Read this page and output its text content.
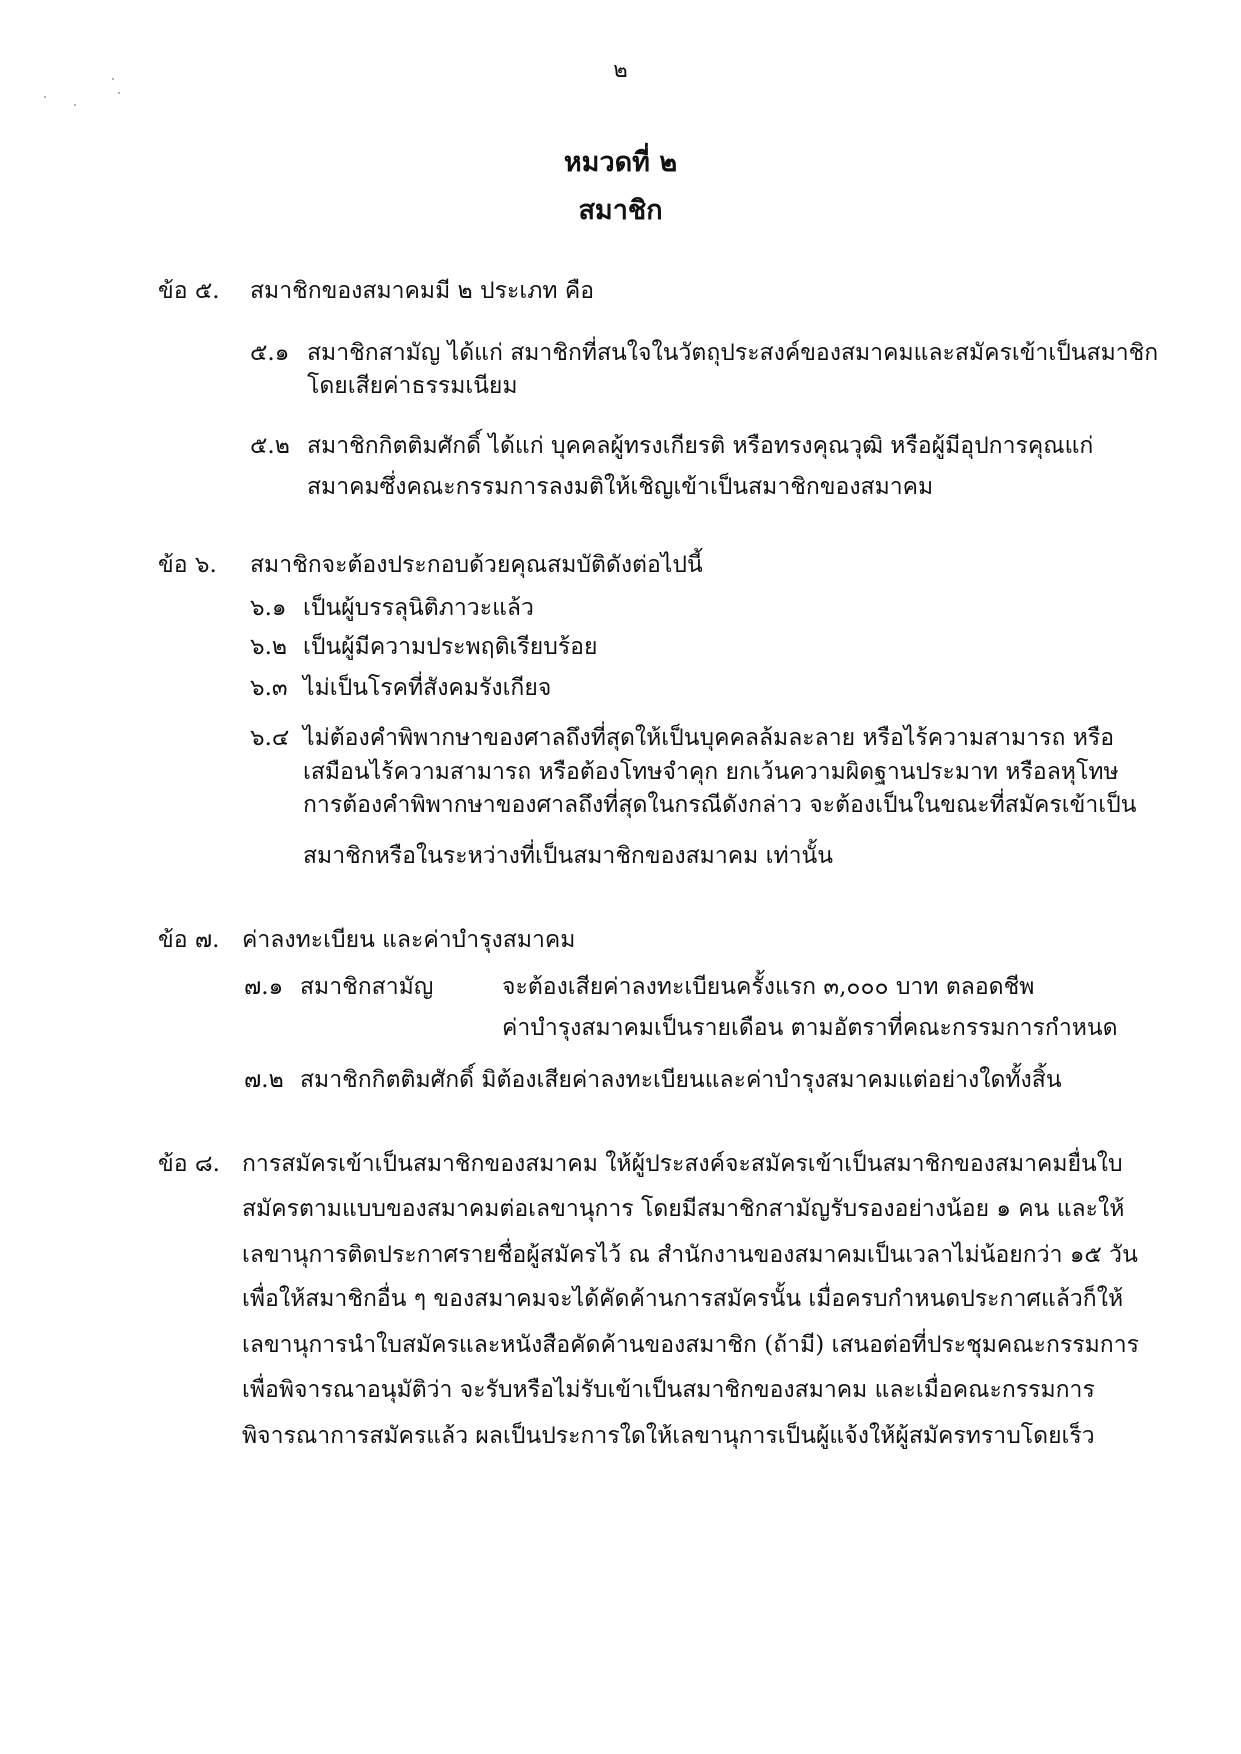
๒
หมวดที่ ๒
สมาชิก
ข้อ ๕. สมาชิกของสมาคมมี ๒ ประเภท คือ
๕.๑ สมาชิกสามัญ ได้แก่ สมาชิกที่สนใจในวัตถุประสงค์ของสมาคมและสมัครเข้าเป็นสมาชิก
โดยเสียค่าธรรมเนียม
๕.๒ สมาชิกกิตติมศักดิ์ ได้แก่ บุคคลผู้ทรงเกียรติ หรือทรงคุณวุฒิ หรือผู้มีอุปการคุณแก่
สมาคมซึ่งคณะกรรมการลงมติให้เชิญเข้าเป็นสมาชิกของสมาคม
ข้อ ๖. สมาชิกจะต้องประกอบด้วยคุณสมบัติดังต่อไปนี้
๖.๑ เป็นผู้บรรลุนิติภาวะแล้ว
๖.๒ เป็นผู้มีความประพฤติเรียบร้อย
๖.๓ ไม่เป็นโรคที่สังคมรังเกียจ
๖.๔ ไม่ต้องคำพิพากษาของศาลถึงที่สุดให้เป็นบุคคลล้มละลาย หรือไร้ความสามารถ หรือ
เสมือนไร้ความสามารถ หรือต้องโทษจำคุก ยกเว้นความผิดฐานประมาท หรือลหุโทษ
การต้องคำพิพากษาของศาลถึงที่สุดในกรณีดังกล่าว จะต้องเป็นในขณะที่สมัครเข้าเป็น
สมาชิกหรือในระหว่างที่เป็นสมาชิกของสมาคม เท่านั้น
ข้อ ๗. ค่าลงทะเบียน และค่าบำรุงสมาคม
๗.๑ สมาชิกสามัญ	จะต้องเสียค่าลงทะเบียนครั้งแรก ๓,๐๐๐ บาท ตลอดชีพ
ค่าบำรุงสมาคมเป็นรายเดือน ตามอัตราที่คณะกรรมการกำหนด
๗.๒ สมาชิกกิตติมศักดิ์ มิต้องเสียค่าลงทะเบียนและค่าบำรุงสมาคมแต่อย่างใดทั้งสิ้น
ข้อ ๘. การสมัครเข้าเป็นสมาชิกของสมาคม ให้ผู้ประสงค์จะสมัครเข้าเป็นสมาชิกของสมาคมยื่นใบ
สมัครตามแบบของสมาคมต่อเลขานุการ โดยมีสมาชิกสามัญรับรองอย่างน้อย ๑ คน และให้
เลขานุการติดประกาศรายชื่อผู้สมัครไว้ ณ สำนักงานของสมาคมเป็นเวลาไม่น้อยกว่า ๑๕ วัน
เพื่อให้สมาชิกอื่น ๆ ของสมาคมจะได้คัดค้านการสมัครนั้น เมื่อครบกำหนดประกาศแล้วก็ให้
เลขานุการนำใบสมัครและหนังสือคัดค้านของสมาชิก (ถ้ามี) เสนอต่อที่ประชุมคณะกรรมการ
เพื่อพิจารณาอนุมัติว่า จะรับหรือไม่รับเข้าเป็นสมาชิกของสมาคม และเมื่อคณะกรรมการ
พิจารณาการสมัครแล้ว ผลเป็นประการใดให้เลขานุการเป็นผู้แจ้งให้ผู้สมัครทราบโดยเร็ว
